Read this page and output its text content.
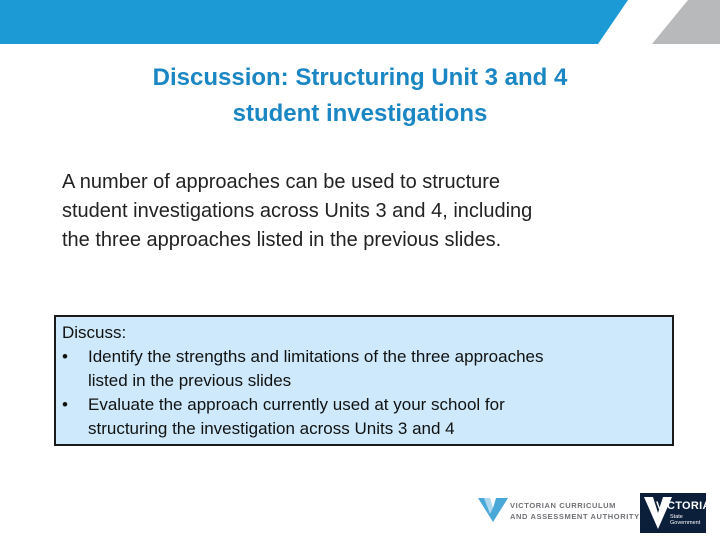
Discussion: Structuring Unit 3 and 4
student investigations
A number of approaches can be used to structure
student investigations across Units 3 and 4, including
the three approaches listed in the previous slides.
Discuss:
•	Identify the strengths and limitations of the three approaches
listed in the previous slides
•	Evaluate the approach currently used at your school for
structuring the investigation across Units 3 and 4
VICTORIAN CURRICULUM
AND ASSESSMENT AUTHORITY
VICTORIA
State
Government
